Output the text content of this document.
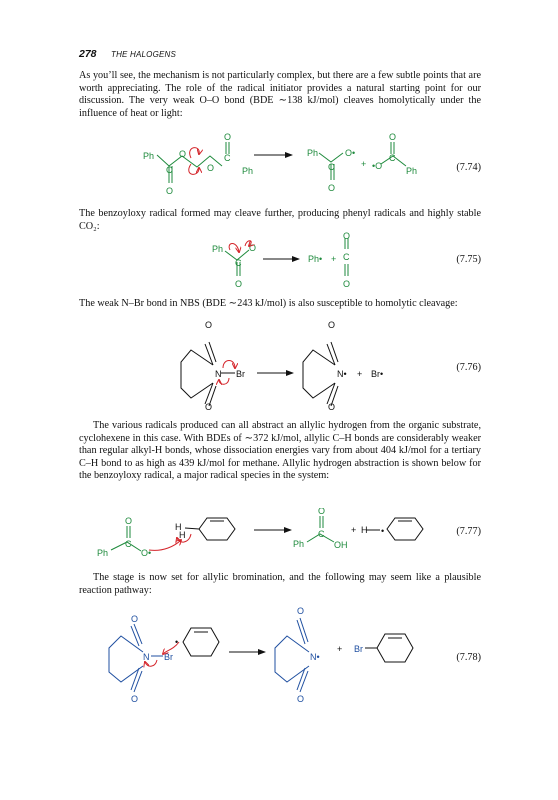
278 THE HALOGENS

As you’ll see, the mechanism is not particularly complex, but there are a few subtle points that are worth appreciating. The role of the radical initiator provides a natural starting point for our discussion. The very weak O–O bond (BDE ∼138 kJ/mol) cleaves homolytically under the influence of heat or light:

Ph
C
O
O
O
C
O
Ph
Ph
C
O
O•
+ •O
C
O
Ph	(7.74)

The benzoyloxy radical formed may cleave further, producing phenyl radicals and highly stable CO₂:

Ph
C
O
O
Ph• + C
O
O
(7.75)

The weak N–Br bond in NBS (BDE ∼243 kJ/mol) is also susceptible to homolytic cleavage:

O
O
N Br
O
O
N• + Br•
(7.76)

The various radicals produced can all abstract an allylic hydrogen from the organic substrate, cyclohexene in this case. With BDEs of ∼372 kJ/mol, allylic C–H bonds are considerably weaker than regular alkyl-H bonds, whose dissociation energies vary from about 404 kJ/mol for a tertiary C–H bond to as high as 439 kJ/mol for methane. Allylic hydrogen abstraction is shown below for the benzoyloxy radical, a major radical species in the system:

O
C
Ph	O•
O
C
Ph	OH
H
H	+ H •	(7.77)

The stage is now set for allylic bromination, and the following may seem like a plausible reaction pathway:

O
O
N Br
O
O
N•
Br
•
+
(7.78)
